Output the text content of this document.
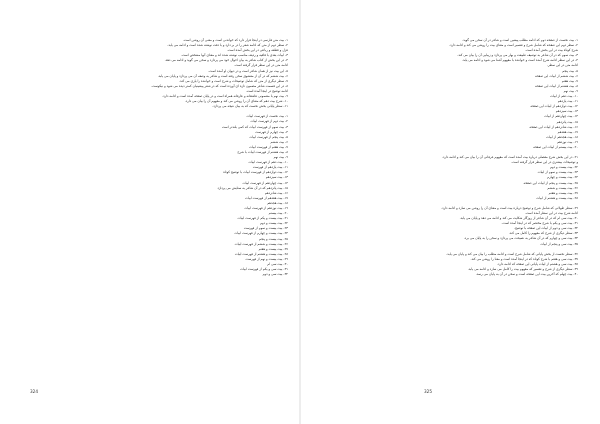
۱- بیت متن فارسی در اینجا قرار دارد که خواندنی است و معنی آن روشن است.

۲- سطر دوم از متن که ادامه شعر را در بر دارد و با دقت نوشته شده است و ادامه می یابد.

غزل و قطعه و رباعی در این بخش آمده است.

۳- ابیات بعدی با قافیه و ردیف مناسب نوشته شده اند و معنای آنها مشخص است.

۴- در این بخش از کتاب شاعر به بیان احوال خود می پردازد و سخن می گوید و ادامه می دهد.

ادامه متن در این سطر قرار گرفته است.

۵- این بیت نیز از همان شاعر است و در دیوان او آمده است.

۶- بیت ششم که در آن از معشوق سخن رفته است و شاعر به وصف آن می پردازد و پایان می یابد.

۷- سطر دیگری از متن که شامل توضیحات و شرح است و خواننده را یاری می کند.

۸- در این قسمت شاعر مضمون تازه ای آورده است که در شعر پیشینیان کمتر دیده می شود و نیکوست.

ادامه توضیح در اینجا آمده است.

۹- بیت نهم با مضمونی عاشقانه و عارفانه همراه است و در پایان صفحه آمده است و ادامه دارد.

۱۰- شرح بیت دهم که معنای آن را روشن می کند و مفهوم آن را بیان می دارد.

۱۱- سطر پایانی بخش نخست که به بیان نتیجه می پردازد.

۱- بیت نخست از فهرست ابیات

۲- بیت دوم از فهرست ابیات

۳- بیت سوم از فهرست ابیات که کمی بلندتر است

۴- بیت چهارم از فهرست

۵- بیت پنجم از فهرست ابیات

۶- بیت ششم

۷- بیت هفتم از فهرست ابیات

۸- بیت هشتم از فهرست ابیات با شرح

۹- بیت نهم

۱۰- بیت دهم از فهرست ابیات

۱۱- بیت یازدهم از فهرست

۱۲- بیت دوازدهم از فهرست ابیات با توضیح کوتاه

۱۳- بیت سیزدهم

۱۴- بیت چهاردهم از فهرست ابیات

۱۵- بیت پانزدهم که در آن شاعر به ستایش می پردازد

۱۶- بیت شانزدهم

۱۷- بیت هفدهم از فهرست ابیات

۱۸- بیت هجدهم

۱۹- بیت نوزدهم از فهرست ابیات

۲۰- بیت بیستم

۲۱- بیت بیست و یکم از فهرست ابیات

۲۲- بیت بیست و دوم

۲۳- بیت بیست و سوم از فهرست

۲۴- بیت بیست و چهارم از فهرست ابیات

۲۵- بیت بیست و پنجم

۲۶- بیت بیست و ششم از فهرست ابیات

۲۷- بیت بیست و هفتم

۲۸- بیت بیست و هشتم از فهرست ابیات

۲۹- بیت بیست و نهم از فهرست

۳۰- بیت سی ام

۳۱- بیت سی و یکم از فهرست ابیات

۳۲- بیت سی و دوم

324

۱- بیت نخست از صفحه دوم که ادامه مطلب پیشین است و شاعر در آن سخن می گوید.

۲- سطر دوم این صفحه که شامل شرح و تفسیر است و معنای بیت را روشن می کند و ادامه دارد.

شرح کوتاه بیت در این بخش آمده است.

۳- بیت سوم که در آن شاعر به توصیف طبیعت و بهار می پردازد و زیبایی آن را بیان می کند.

۴- در این سطر ادامه شرح آمده است و خواننده با مفهوم آشنا می شود و ادامه می یابد.

ادامه متن در این سطر.

۵- بیت پنجم

۶- بیت ششم از ابیات این صفحه

۷- بیت هفتم

۸- بیت هشتم از ابیات این صفحه

۹- بیت نهم

۱۰- بیت دهم از ابیات

۱۱- بیت یازدهم

۱۲- بیت دوازدهم از ابیات این صفحه

۱۳- بیت سیزدهم

۱۴- بیت چهاردهم از ابیات

۱۵- بیت پانزدهم

۱۶- بیت شانزدهم از ابیات این صفحه

۱۷- بیت هفدهم

۱۸- بیت هجدهم از ابیات

۱۹- بیت نوزدهم

۲۰- بیت بیستم از ابیات این صفحه

۲۱- در این بخش شرح مفصلی درباره بیت آمده است که مفهوم عرفانی آن را بیان می کند و ادامه دارد.

و توضیحات بیشتری در این سطر قرار گرفته است.

۲۲- بیت بیست و دوم

۲۳- بیت بیست و سوم از ابیات

۲۴- بیت بیست و چهارم

۲۵- بیت بیست و پنجم از ابیات این صفحه

۲۶- بیت بیست و ششم

۲۷- بیت بیست و هفتم

۲۸- بیت بیست و هشتم از ابیات

۲۹- سطر طولانی که شامل شرح و توضیح درباره بیت است و معنای آن را روشن می سازد و ادامه دارد.

ادامه شرح بیت در این سطر آمده است.

۳۰- بیت سی ام که در آن شاعر از روزگار شکایت می کند و ادامه می دهد و پایان می یابد.

۳۱- بیت سی و یکم با شرح مختصر که در اینجا آمده است.

۳۲- بیت سی و دوم از ابیات این صفحه با توضیح.

۳۳- سطر دیگری از شرح که مفهوم را کامل می کند.

۳۴- بیت سی و چهارم که در آن شاعر به نصیحت می پردازد و سخن را به پایان می برد.

۳۵- بیت سی و پنجم از ابیات

۳۶- سطر نخست از بخش پایانی که شامل شرح است و ادامه مطلب را بیان می کند و پایان می یابد.

۳۷- بیت سی و هفتم با شرح کوتاه که در اینجا آمده است و معنا را روشن می کند.

۳۸- بیت سی و هشتم از ابیات پایانی این صفحه که ادامه دارد.

۳۹- سطر دیگری از شرح و تفسیر که مفهوم بیت را کامل می سازد و ادامه می یابد.

۴۰- بیت چهلم که آخرین بیت این صفحه است و سخن در آن به پایان می رسد.

325
